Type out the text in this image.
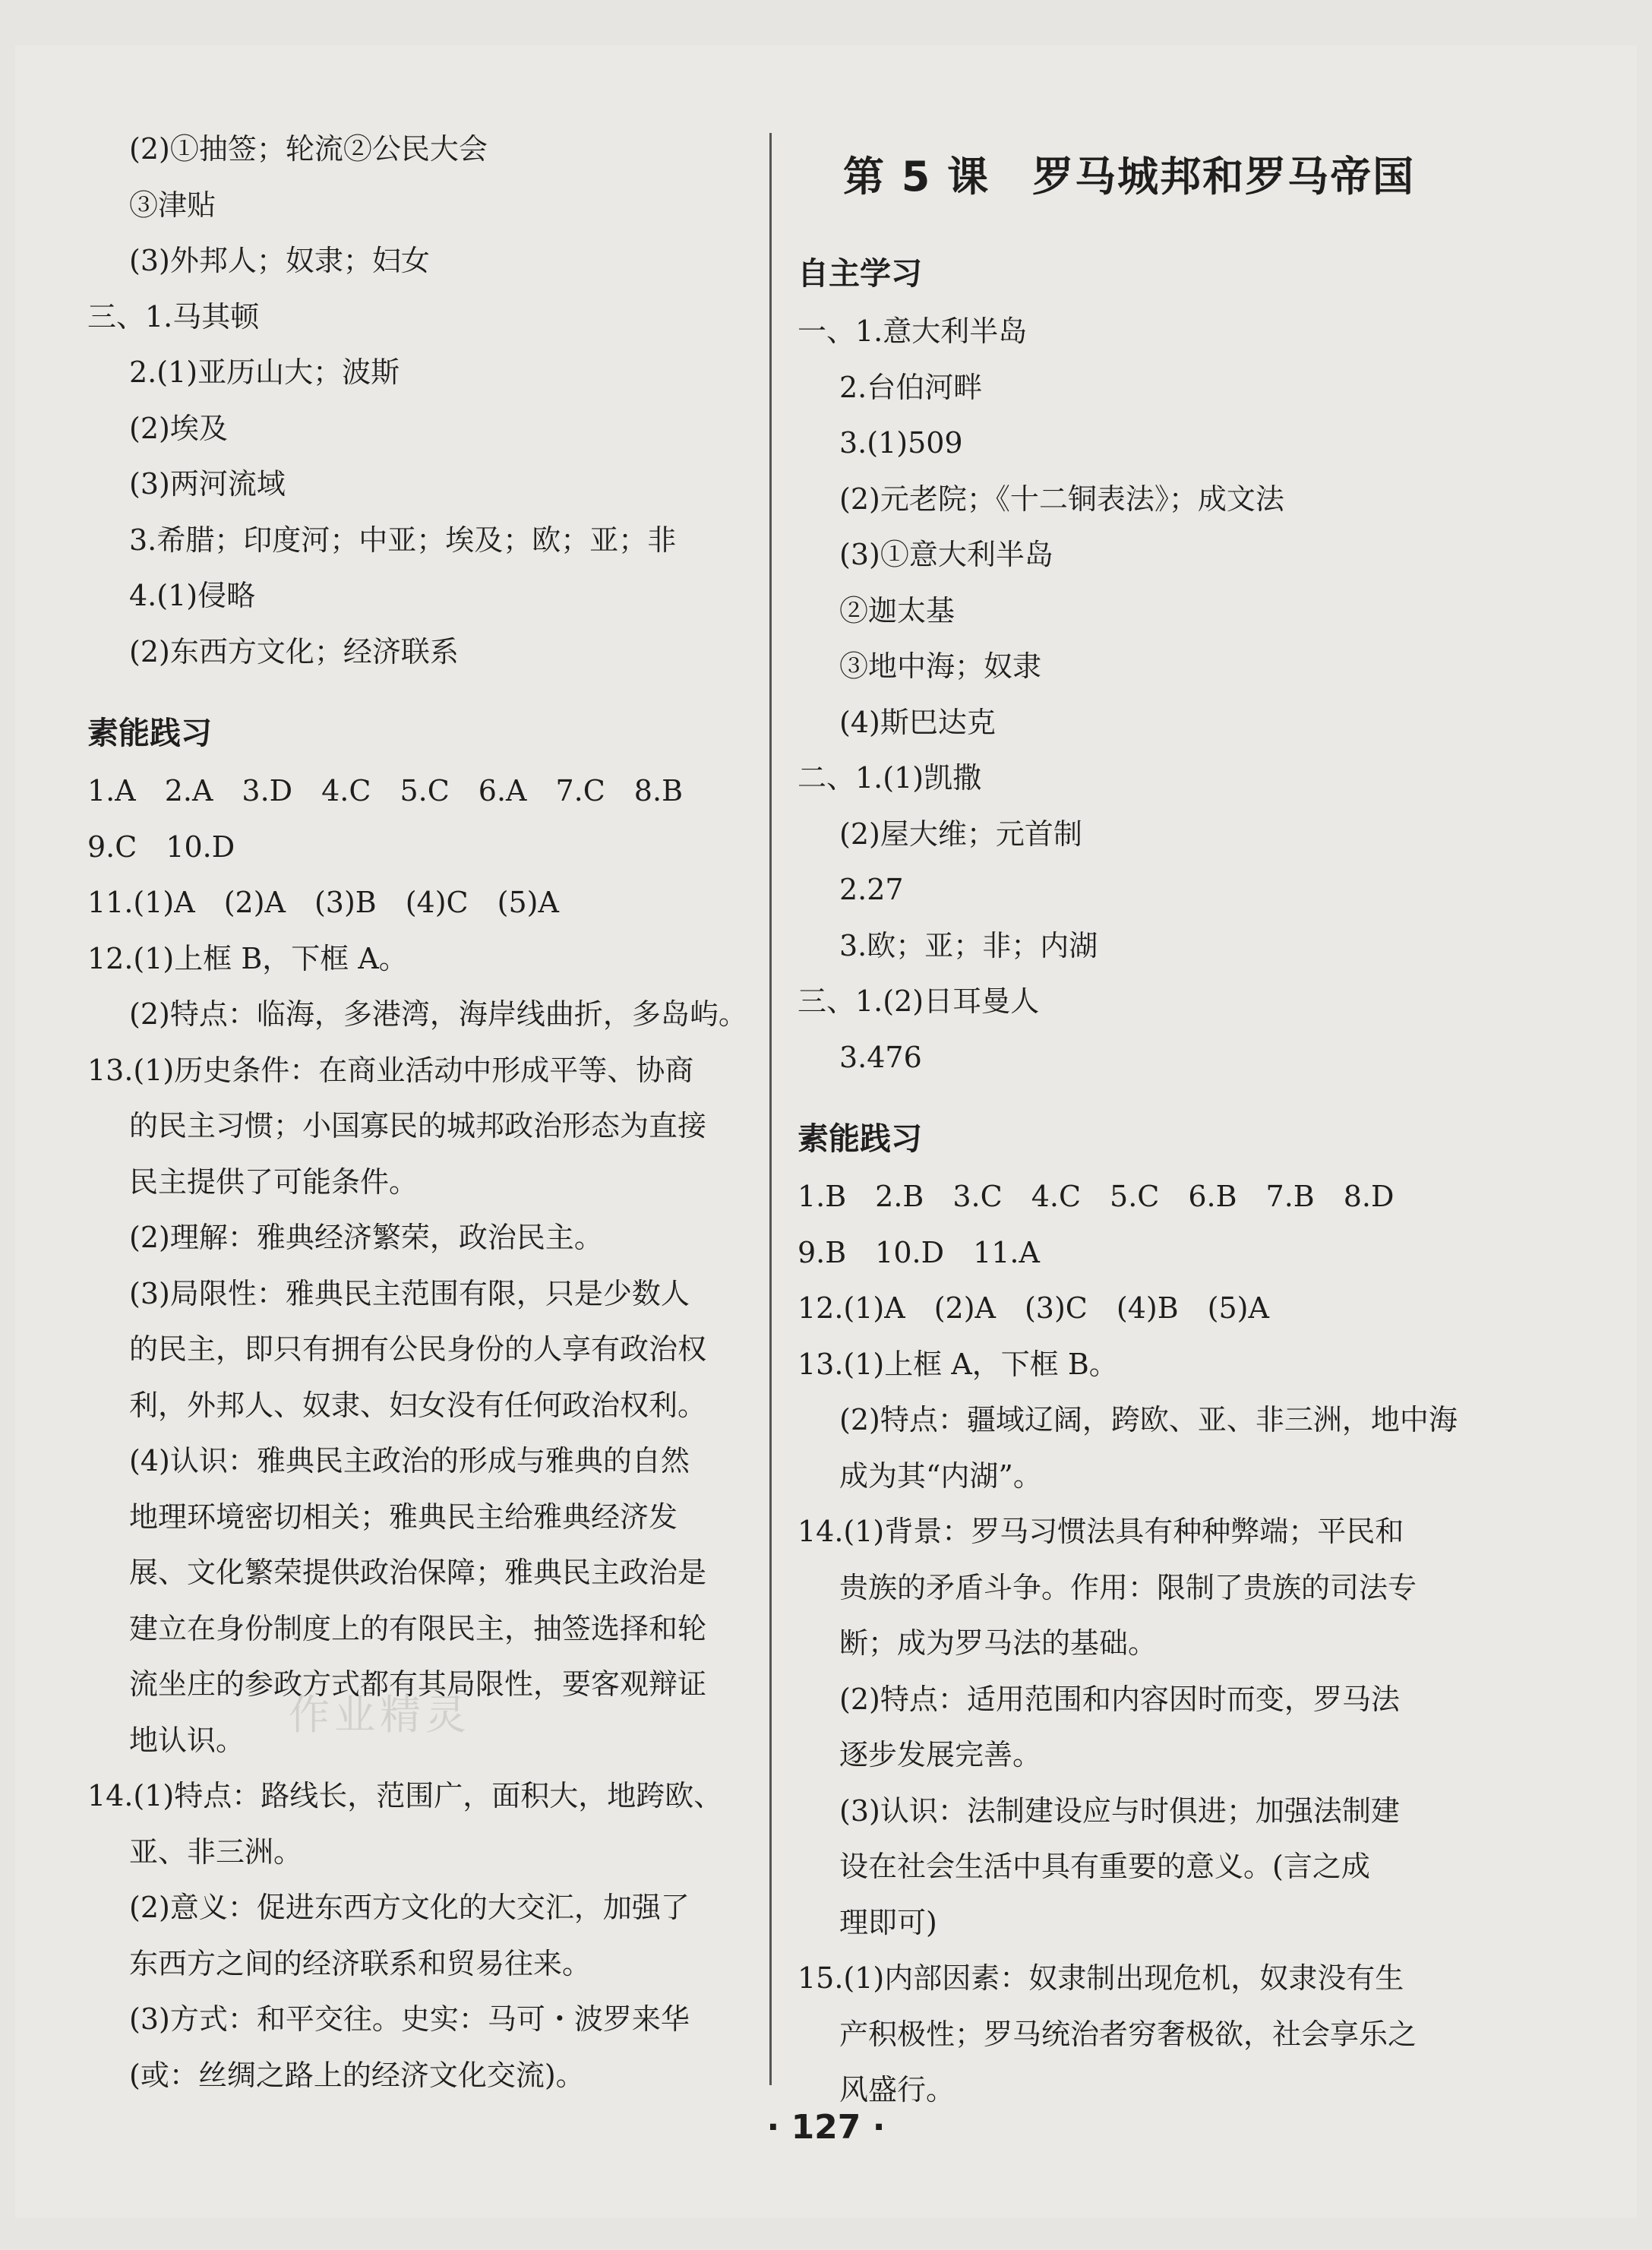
第 5 课　罗马城邦和罗马帝国
(2)①抽签；轮流②公民大会
③津贴
(3)外邦人；奴隶；妇女
三、1.马其顿
2.(1)亚历山大；波斯
(2)埃及
(3)两河流域
3.希腊；印度河；中亚；埃及；欧；亚；非
4.(1)侵略
(2)东西方文化；经济联系
素能践习
1.A　2.A　3.D　4.C　5.C　6.A　7.C　8.B
9.C　10.D
11.(1)A　(2)A　(3)B　(4)C　(5)A
12.(1)上框 B，下框 A。
(2)特点：临海，多港湾，海岸线曲折，多岛屿。
13.(1)历史条件：在商业活动中形成平等、协商
的民主习惯；小国寡民的城邦政治形态为直接
民主提供了可能条件。
(2)理解：雅典经济繁荣，政治民主。
(3)局限性：雅典民主范围有限，只是少数人
的民主，即只有拥有公民身份的人享有政治权
利，外邦人、奴隶、妇女没有任何政治权利。
(4)认识：雅典民主政治的形成与雅典的自然
地理环境密切相关；雅典民主给雅典经济发
展、文化繁荣提供政治保障；雅典民主政治是
建立在身份制度上的有限民主，抽签选择和轮
流坐庄的参政方式都有其局限性，要客观辩证
地认识。
14.(1)特点：路线长，范围广，面积大，地跨欧、
亚、非三洲。
(2)意义：促进东西方文化的大交汇，加强了
东西方之间的经济联系和贸易往来。
(3)方式：和平交往。史实：马可・波罗来华
(或：丝绸之路上的经济文化交流)。
自主学习
一、1.意大利半岛
2.台伯河畔
3.(1)509
(2)元老院；《十二铜表法》；成文法
(3)①意大利半岛
②迦太基
③地中海；奴隶
(4)斯巴达克
二、1.(1)凯撒
(2)屋大维；元首制
2.27
3.欧；亚；非；内湖
三、1.(2)日耳曼人
3.476
素能践习
1.B　2.B　3.C　4.C　5.C　6.B　7.B　8.D
9.B　10.D　11.A
12.(1)A　(2)A　(3)C　(4)B　(5)A
13.(1)上框 A，下框 B。
(2)特点：疆域辽阔，跨欧、亚、非三洲，地中海
成为其“内湖”。
14.(1)背景：罗马习惯法具有种种弊端；平民和
贵族的矛盾斗争。作用：限制了贵族的司法专
断；成为罗马法的基础。
(2)特点：适用范围和内容因时而变，罗马法
逐步发展完善。
(3)认识：法制建设应与时俱进；加强法制建
设在社会生活中具有重要的意义。(言之成
理即可)
15.(1)内部因素：奴隶制出现危机，奴隶没有生
产积极性；罗马统治者穷奢极欲，社会享乐之
风盛行。
作业精灵
· 127 ·
